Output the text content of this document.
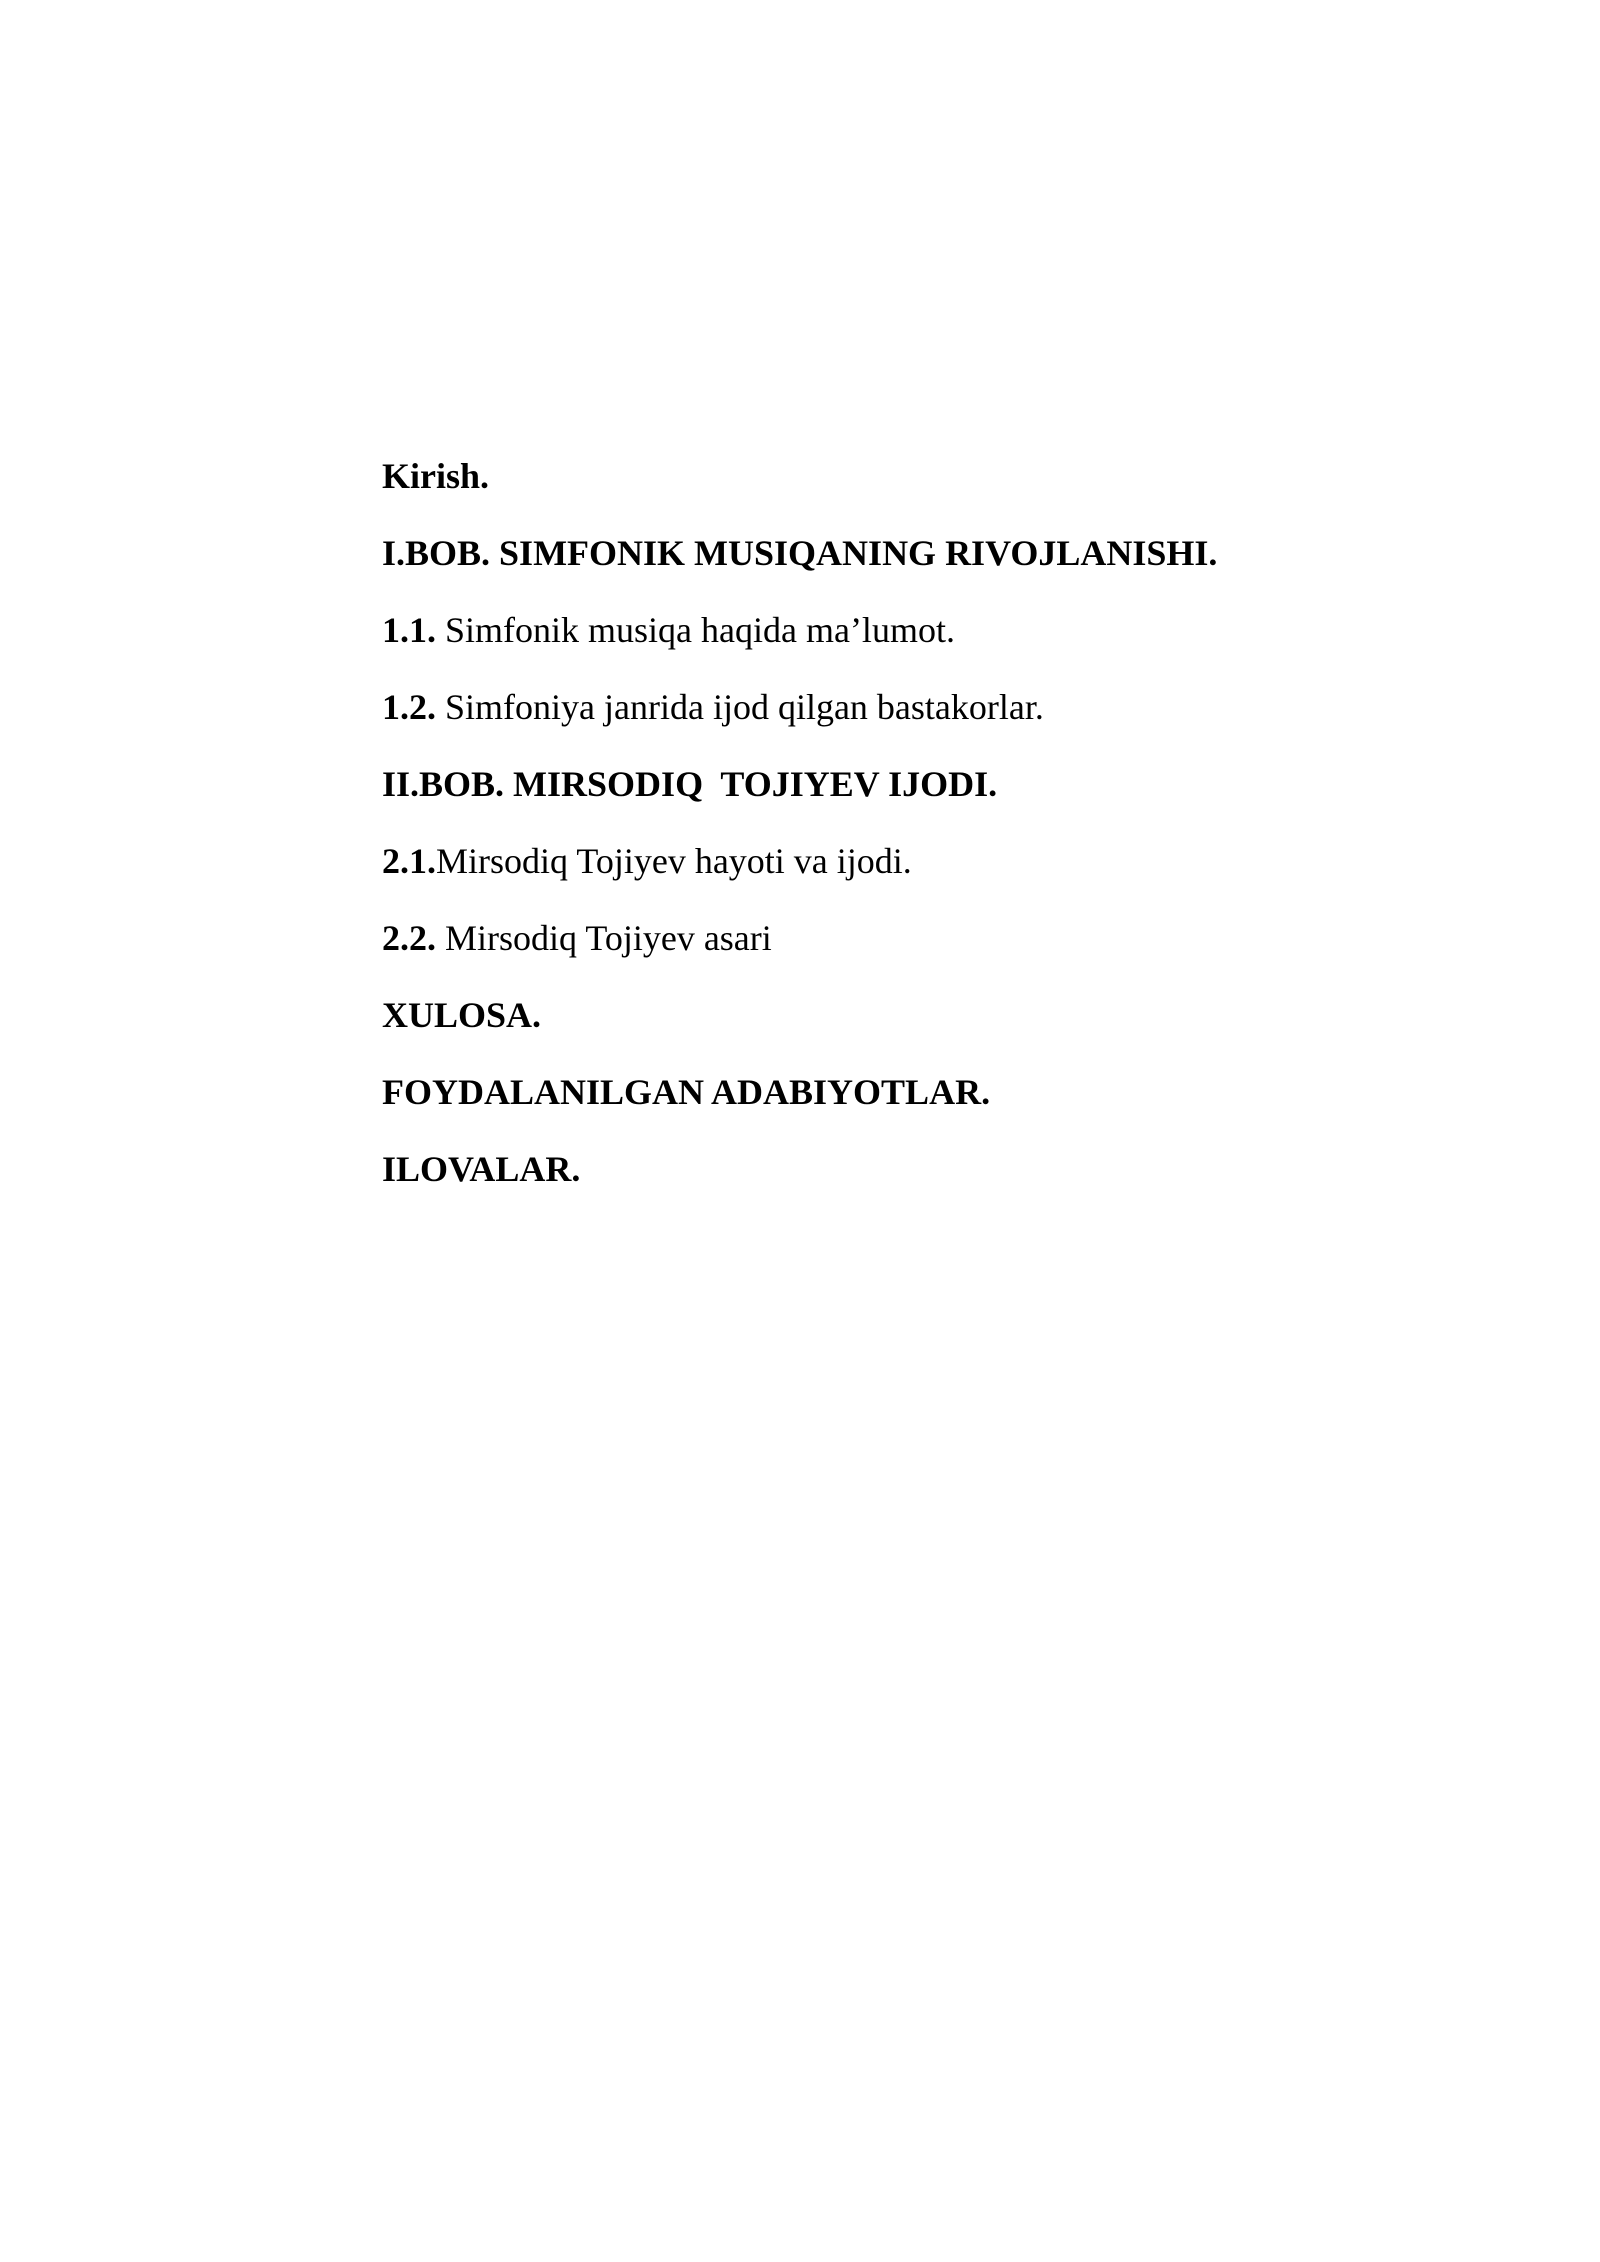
Kirish.
I.BOB. SIMFONIK MUSIQANING RIVOJLANISHI.
1.1. Simfonik musiqa haqida ma’lumot.
1.2. Simfoniya janrida ijod qilgan bastakorlar.
II.BOB. MIRSODIQ  TOJIYEV IJODI.
2.1.Mirsodiq Tojiyev hayoti va ijodi.
2.2. Mirsodiq Tojiyev asari
XULOSA.
FOYDALANILGAN ADABIYOTLAR.
ILOVALAR.
